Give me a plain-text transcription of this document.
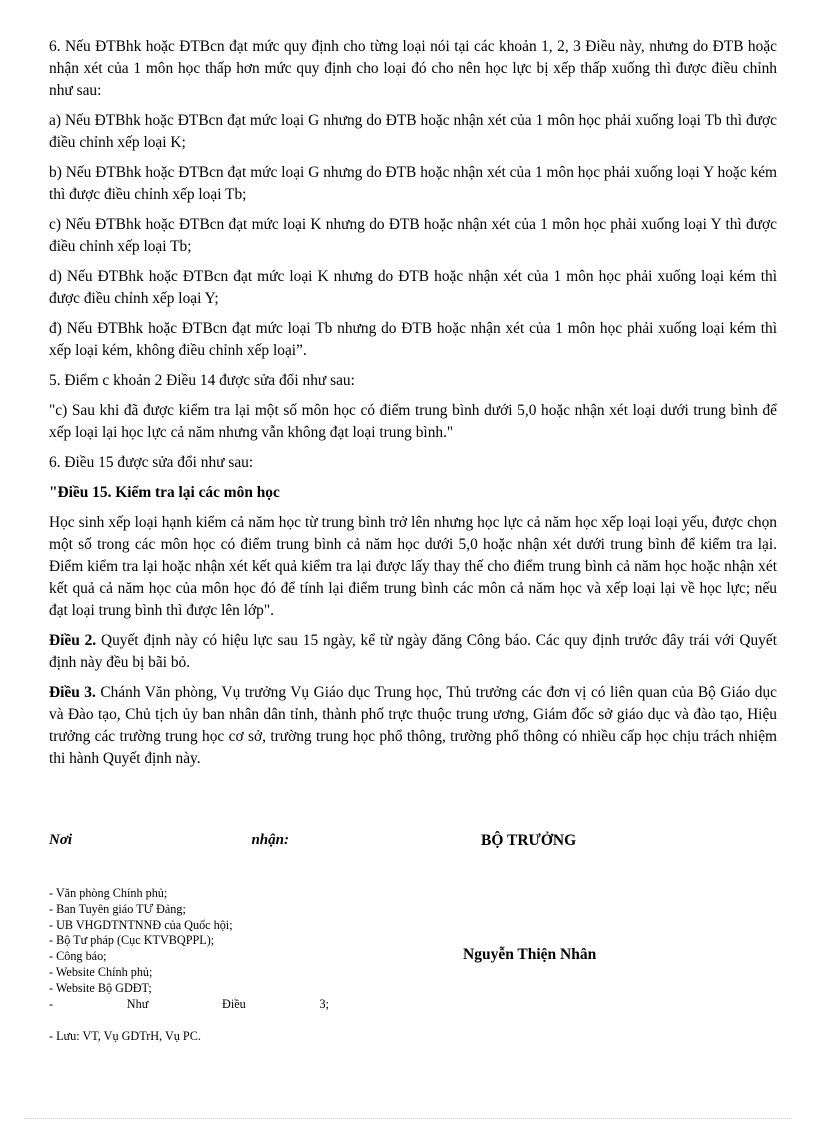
6. Nếu ĐTBhk hoặc ĐTBcn đạt mức quy định cho từng loại nói tại các khoản 1, 2, 3 Điều này, nhưng do ĐTB hoặc nhận xét của 1 môn học thấp hơn mức quy định cho loại đó cho nên học lực bị xếp thấp xuống thì được điều chỉnh như sau:

a) Nếu ĐTBhk hoặc ĐTBcn đạt mức loại G nhưng do ĐTB hoặc nhận xét của 1 môn học phải xuống loại Tb thì được điều chỉnh xếp loại K;

b) Nếu ĐTBhk hoặc ĐTBcn đạt mức loại G nhưng do ĐTB hoặc nhận xét của 1 môn học phải xuống loại Y hoặc kém thì được điều chỉnh xếp loại Tb;

c) Nếu ĐTBhk hoặc ĐTBcn đạt mức loại K nhưng do ĐTB hoặc nhận xét của 1 môn học phải xuống loại Y thì được điều chỉnh xếp loại Tb;

d) Nếu ĐTBhk hoặc ĐTBcn đạt mức loại K nhưng do ĐTB hoặc nhận xét của 1 môn học phải xuống loại kém thì được điều chỉnh xếp loại Y;

đ) Nếu ĐTBhk hoặc ĐTBcn đạt mức loại Tb nhưng do ĐTB hoặc nhận xét của 1 môn học phải xuống loại kém thì xếp loại kém, không điều chỉnh xếp loại”.

5. Điểm c khoản 2 Điều 14 được sửa đổi như sau:

"c) Sau khi đã được kiểm tra lại một số môn học có điểm trung bình dưới 5,0 hoặc nhận xét loại dưới trung bình để xếp loại lại học lực cả năm nhưng vẫn không đạt loại trung bình."

6. Điều 15 được sửa đổi như sau:

"Điều 15. Kiểm tra lại các môn học

Học sinh xếp loại hạnh kiểm cả năm học từ trung bình trở lên nhưng học lực cả năm học xếp loại loại yếu, được chọn một số trong các môn học có điểm trung bình cả năm học dưới 5,0 hoặc nhận xét dưới trung bình để kiểm tra lại. Điểm kiểm tra lại hoặc nhận xét kết quả kiểm tra lại được lấy thay thế cho điểm trung bình cả năm học hoặc nhận xét kết quả cả năm học của môn học đó để tính lại điểm trung bình các môn cả năm học và xếp loại lại về học lực; nếu đạt loại trung bình thì được lên lớp".

Điều 2. Quyết định này có hiệu lực sau 15 ngày, kể từ ngày đăng Công báo. Các quy định trước đây trái với Quyết định này đều bị bãi bỏ.

Điều 3. Chánh Văn phòng, Vụ trưởng Vụ Giáo dục Trung học, Thủ trưởng các đơn vị có liên quan của Bộ Giáo dục và Đào tạo, Chủ tịch ủy ban nhân dân tỉnh, thành phố trực thuộc trung ương, Giám đốc sở giáo dục và đào tạo, Hiệu trưởng các trường trung học cơ sở, trường trung học phổ thông, trường phổ thông có nhiều cấp học chịu trách nhiệm thi hành Quyết định này.

Nơi	nhận:	BỘ TRƯỞNG
Nguyễn Thiện Nhân
- Văn phòng Chính phủ;
- Ban Tuyên giáo TƯ Đảng;
- UB VHGDTNTNNĐ của Quốc hội;
- Bộ Tư pháp (Cục KTVBQPPL);
- Công báo;
- Website Chính phủ;
- Website Bộ GDĐT;
-	Như	Điều	3;
- Lưu: VT, Vụ GDTrH, Vụ PC.
